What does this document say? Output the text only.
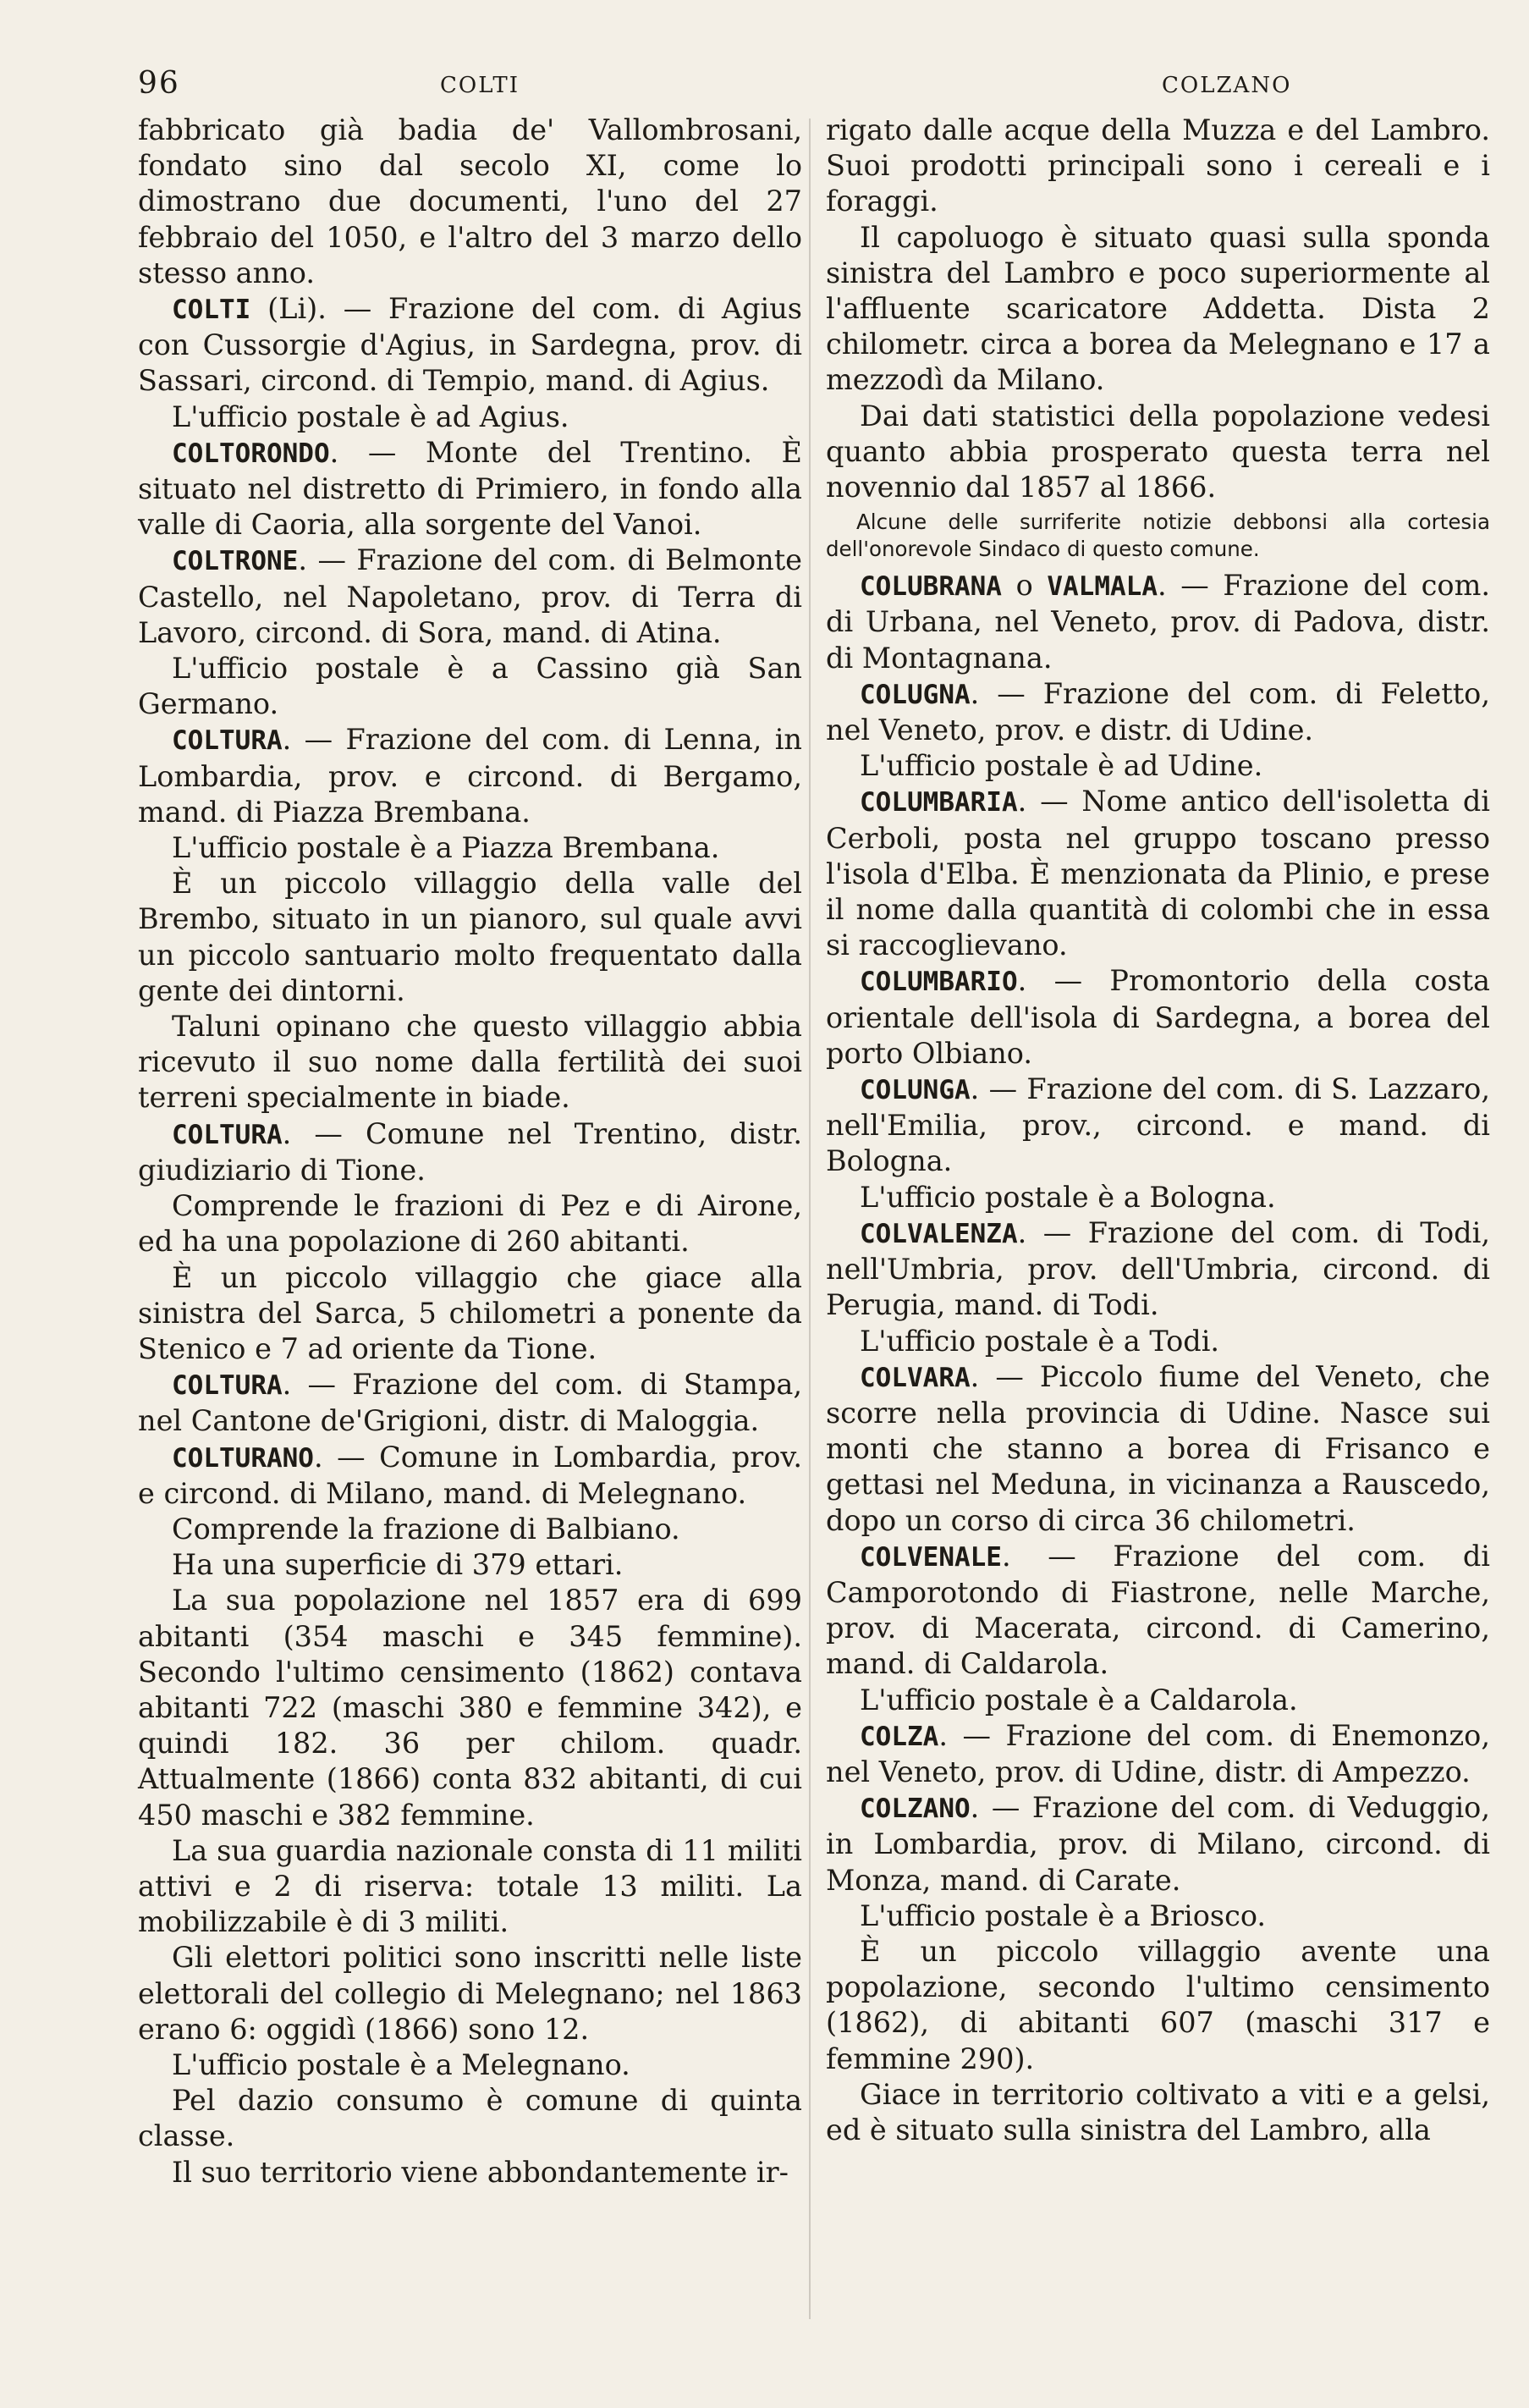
96	COLTI	COLZANO

fabbricato già badia de' Vallombrosani, fondato sino dal secolo XI, come lo dimostrano due documenti, l'uno del 27 febbraio del 1050, e l'altro del 3 marzo dello stesso anno.

COLTI (Li). — Frazione del com. di Agius con Cussorgie d'Agius, in Sardegna, prov. di Sassari, circond. di Tempio, mand. di Agius.

L'ufficio postale è ad Agius.

COLTORONDO. — Monte del Trentino. È situato nel distretto di Primiero, in fondo alla valle di Caoria, alla sorgente del Vanoi.

COLTRONE. — Frazione del com. di Belmonte Castello, nel Napoletano, prov. di Terra di Lavoro, circond. di Sora, mand. di Atina.

L'ufficio postale è a Cassino già San Germano.

COLTURA. — Frazione del com. di Lenna, in Lombardia, prov. e circond. di Bergamo, mand. di Piazza Brembana.

L'ufficio postale è a Piazza Brembana.

È un piccolo villaggio della valle del Brembo, situato in un pianoro, sul quale avvi un piccolo santuario molto frequentato dalla gente dei dintorni.

Taluni opinano che questo villaggio abbia ricevuto il suo nome dalla fertilità dei suoi terreni specialmente in biade.

COLTURA. — Comune nel Trentino, distr. giudiziario di Tione.

Comprende le frazioni di Pez e di Airone, ed ha una popolazione di 260 abitanti.

È un piccolo villaggio che giace alla sinistra del Sarca, 5 chilometri a ponente da Stenico e 7 ad oriente da Tione.

COLTURA. — Frazione del com. di Stampa, nel Cantone de'Grigioni, distr. di Maloggia.

COLTURANO. — Comune in Lombardia, prov. e circond. di Milano, mand. di Melegnano.

Comprende la frazione di Balbiano.

Ha una superficie di 379 ettari.

La sua popolazione nel 1857 era di 699 abitanti (354 maschi e 345 femmine). Secondo l'ultimo censimento (1862) contava abitanti 722 (maschi 380 e femmine 342), e quindi 182. 36 per chilom. quadr. Attualmente (1866) conta 832 abitanti, di cui 450 maschi e 382 femmine.

La sua guardia nazionale consta di 11 militi attivi e 2 di riserva: totale 13 militi. La mobilizzabile è di 3 militi.

Gli elettori politici sono inscritti nelle liste elettorali del collegio di Melegnano; nel 1863 erano 6: oggidì (1866) sono 12.

L'ufficio postale è a Melegnano.

Pel dazio consumo è comune di quinta classe.

Il suo territorio viene abbondantemente ir-

rigato dalle acque della Muzza e del Lambro. Suoi prodotti principali sono i cereali e i foraggi.

Il capoluogo è situato quasi sulla sponda sinistra del Lambro e poco superiormente al l'affluente scaricatore Addetta. Dista 2 chilometr. circa a borea da Melegnano e 17 a mezzodì da Milano.

Dai dati statistici della popolazione vedesi quanto abbia prosperato questa terra nel novennio dal 1857 al 1866.

Alcune delle surriferite notizie debbonsi alla cortesia dell'onorevole Sindaco di questo comune.

COLUBRANA o VALMALA. — Frazione del com. di Urbana, nel Veneto, prov. di Padova, distr. di Montagnana.

COLUGNA. — Frazione del com. di Feletto, nel Veneto, prov. e distr. di Udine.

L'ufficio postale è ad Udine.

COLUMBARIA. — Nome antico dell'isoletta di Cerboli, posta nel gruppo toscano presso l'isola d'Elba. È menzionata da Plinio, e prese il nome dalla quantità di colombi che in essa si raccoglievano.

COLUMBARIO. — Promontorio della costa orientale dell'isola di Sardegna, a borea del porto Olbiano.

COLUNGA. — Frazione del com. di S. Lazzaro, nell'Emilia, prov., circond. e mand. di Bologna.

L'ufficio postale è a Bologna.

COLVALENZA. — Frazione del com. di Todi, nell'Umbria, prov. dell'Umbria, circond. di Perugia, mand. di Todi.

L'ufficio postale è a Todi.

COLVARA. — Piccolo fiume del Veneto, che scorre nella provincia di Udine. Nasce sui monti che stanno a borea di Frisanco e gettasi nel Meduna, in vicinanza a Rauscedo, dopo un corso di circa 36 chilometri.

COLVENALE. — Frazione del com. di Camporotondo di Fiastrone, nelle Marche, prov. di Macerata, circond. di Camerino, mand. di Caldarola.

L'ufficio postale è a Caldarola.

COLZA. — Frazione del com. di Enemonzo, nel Veneto, prov. di Udine, distr. di Ampezzo.

COLZANO. — Frazione del com. di Veduggio, in Lombardia, prov. di Milano, circond. di Monza, mand. di Carate.

L'ufficio postale è a Briosco.

È un piccolo villaggio avente una popolazione, secondo l'ultimo censimento (1862), di abitanti 607 (maschi 317 e femmine 290).

Giace in territorio coltivato a viti e a gelsi, ed è situato sulla sinistra del Lambro, alla
